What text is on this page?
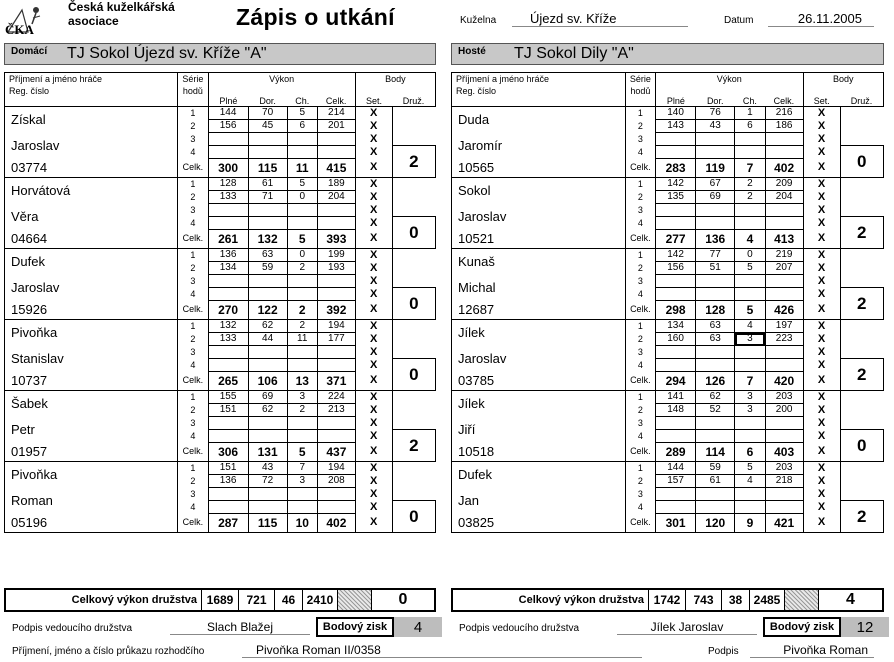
ČKA
Česká kuželkářská
asociace	Zápis o utkání	Kuželna	Újezd sv. Kříže	Datum	26.11.2005
Domácí	TJ Sokol Újezd sv. Kříže "A"	Hosté	TJ Sokol Dily "A"
Příjmení a jméno hráče	Série	Výkon				Body	
Reg. číslo	hodů	Plné	Dor.	Ch.	Celk.	Set.	Druž.
Získal	1	144	70	5	214	X	
	2	156	45	6	201	X	
Jaroslav	3					X	
	4					X	2
03774	Celk.	300	115	11	415	X	
Horvátová	1	128	61	5	189	X	
	2	133	71	0	204	X	
Věra	3					X	
	4					X	0
04664	Celk.	261	132	5	393	X	
Dufek	1	136	63	0	199	X	
	2	134	59	2	193	X	
Jaroslav	3					X	
	4					X	0
15926	Celk.	270	122	2	392	X	
Pivoňka	1	132	62	2	194	X	
	2	133	44	11	177	X	
Stanislav	3					X	
	4					X	0
10737	Celk.	265	106	13	371	X	
Šabek	1	155	69	3	224	X	
	2	151	62	2	213	X	
Petr	3					X	
	4					X	2
01957	Celk.	306	131	5	437	X	
Pivoňka	1	151	43	7	194	X	
	2	136	72	3	208	X	
Roman	3					X	
	4					X	0
05196	Celk.	287	115	10	402	X	
Příjmení a jméno hráče	Série	Výkon				Body	
Reg. číslo	hodů	Plné	Dor.	Ch.	Celk.	Set.	Druž.
Duda	1	140	76	1	216	X	
	2	143	43	6	186	X	
Jaromír	3					X	
	4					X	0
10565	Celk.	283	119	7	402	X	
Sokol	1	142	67	2	209	X	
	2	135	69	2	204	X	
Jaroslav	3					X	
	4					X	2
10521	Celk.	277	136	4	413	X	
Kunaš	1	142	77	0	219	X	
	2	156	51	5	207	X	
Michal	3					X	
	4					X	2
12687	Celk.	298	128	5	426	X	
Jílek	1	134	63	4	197	X	
	2	160	63	3	223	X	
Jaroslav	3					X	
	4					X	2
03785	Celk.	294	126	7	420	X	
Jílek	1	141	62	3	203	X	
	2	148	52	3	200	X	
Jiří	3					X	
	4					X	0
10518	Celk.	289	114	6	403	X	
Dufek	1	144	59	5	203	X	
	2	157	61	4	218	X	
Jan	3					X	
	4					X	2
03825	Celk.	301	120	9	421	X	
Celkový výkon družstva 1689	721	46 2410	0	Celkový výkon družstva 1742	743	38 2485	4
Podpis vedoucího družstva	Slach Blažej	Bodový zisk	4	Podpis vedoucího družstva	Jílek Jaroslav	Bodový zisk	12
Příjmení, jméno a číslo průkazu rozhodčího	Pivoňka Roman II/0358	Podpis	Pivoňka Roman
